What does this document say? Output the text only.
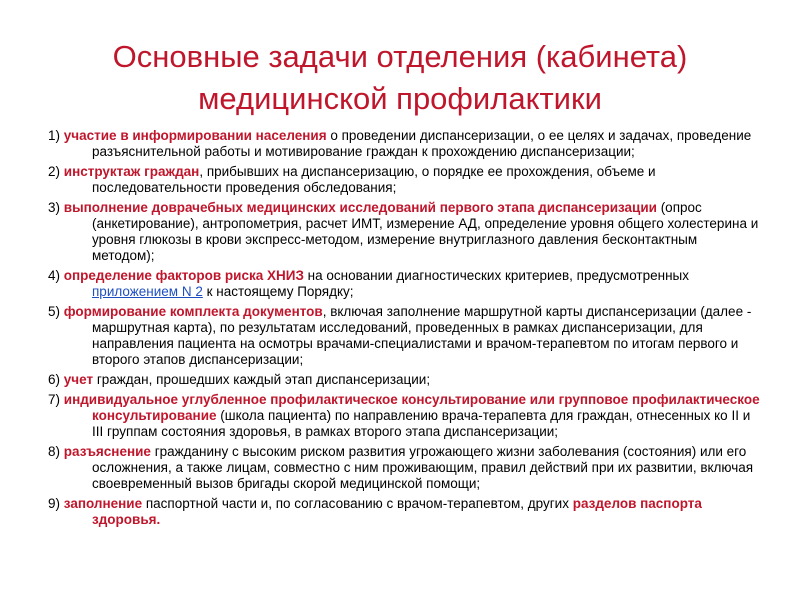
Основные задачи отделения (кабинета) медицинской профилактики
1) участие в информировании населения о проведении диспансеризации, о ее целях и задачах, проведение разъяснительной работы и мотивирование граждан к прохождению диспансеризации;
2) инструктаж граждан, прибывших на диспансеризацию, о порядке ее прохождения, объеме и последовательности проведения обследования;
3) выполнение доврачебных медицинских исследований первого этапа диспансеризации (опрос (анкетирование), антропометрия, расчет ИМТ, измерение АД, определение уровня общего холестерина и уровня глюкозы в крови экспресс-методом, измерение внутриглазного давления бесконтактным методом);
4) определение факторов риска ХНИЗ на основании диагностических критериев, предусмотренных приложением N 2 к настоящему Порядку;
5) формирование комплекта документов, включая заполнение маршрутной карты диспансеризации (далее - маршрутная карта), по результатам исследований, проведенных в рамках диспансеризации, для направления пациента на осмотры врачами-специалистами и врачом-терапевтом по итогам первого и второго этапов диспансеризации;
6) учет граждан, прошедших каждый этап диспансеризации;
7) индивидуальное углубленное профилактическое консультирование или групповое профилактическое консультирование (школа пациента) по направлению врача-терапевта для граждан, отнесенных ко II и III группам состояния здоровья, в рамках второго этапа диспансеризации;
8) разъяснение гражданину с высоким риском развития угрожающего жизни заболевания (состояния) или его осложнения, а также лицам, совместно с ним проживающим, правил действий при их развитии, включая своевременный вызов бригады скорой медицинской помощи;
9) заполнение паспортной части и, по согласованию с врачом-терапевтом, других разделов паспорта здоровья.
